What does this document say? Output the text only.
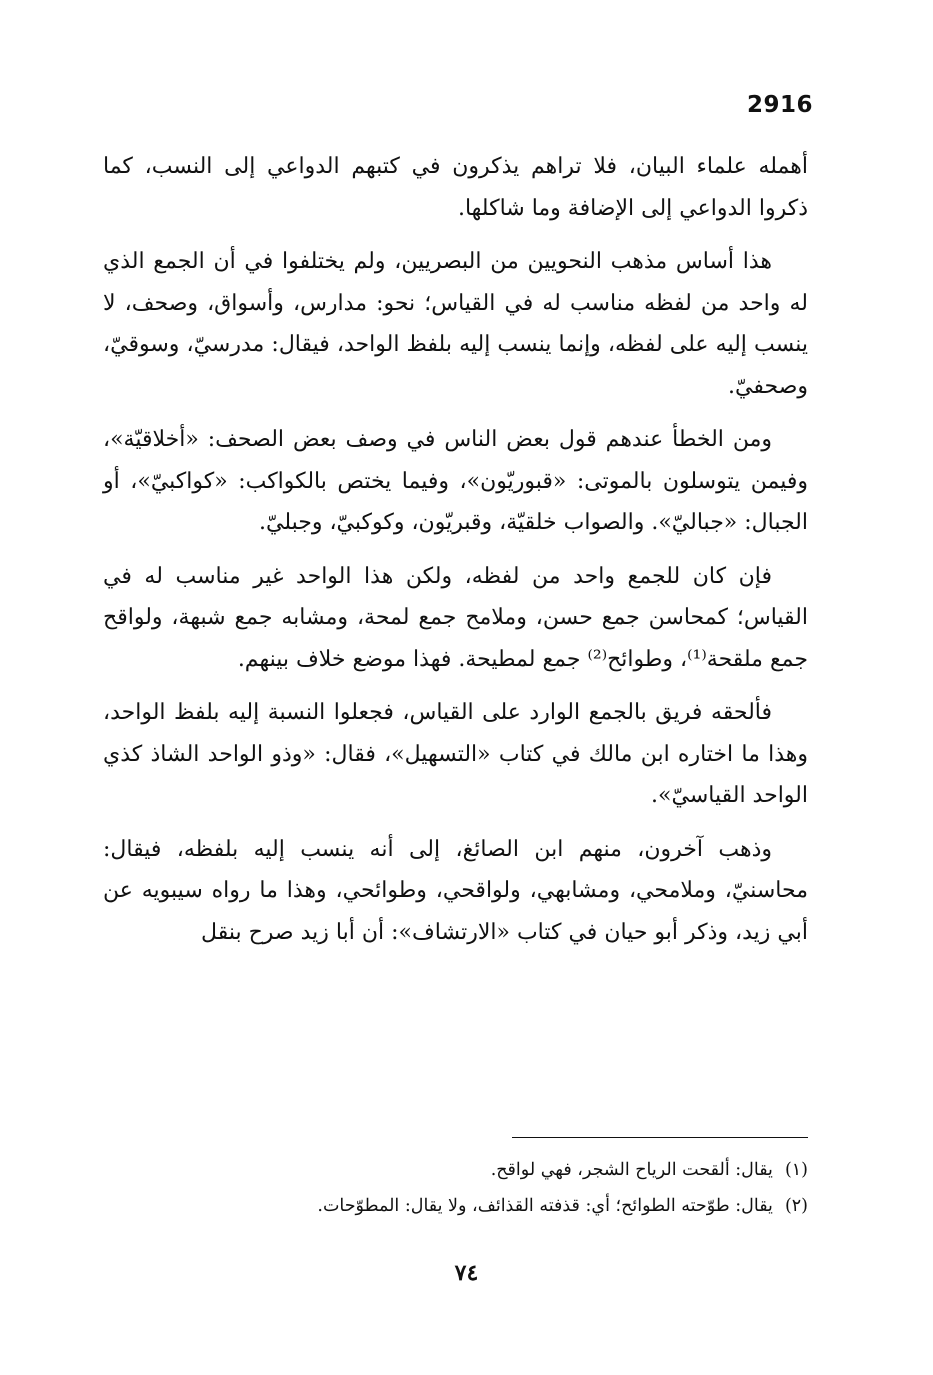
2916

أهمله علماء البيان، فلا تراهم يذكرون في كتبهم الدواعي إلى النسب، كما ذكروا الدواعي إلى الإضافة وما شاكلها.

هذا أساس مذهب النحويين من البصريين، ولم يختلفوا في أن الجمع الذي له واحد من لفظه مناسب له في القياس؛ نحو: مدارس، وأسواق، وصحف، لا ينسب إليه على لفظه، وإنما ينسب إليه بلفظ الواحد، فيقال: مدرسيّ، وسوقيّ، وصحفيّ.

ومن الخطأ عندهم قول بعض الناس في وصف بعض الصحف: «أخلاقيّة»، وفيمن يتوسلون بالموتى: «قبوريّون»، وفيما يختص بالكواكب: «كواكبيّ»، أو الجبال: «جباليّ». والصواب خلقيّة، وقبريّون، وكوكبيّ، وجبليّ.

فإن كان للجمع واحد من لفظه، ولكن هذا الواحد غير مناسب له في القياس؛ كمحاسن جمع حسن، وملامح جمع لمحة، ومشابه جمع شبهة، ولواقح جمع ملقحة⁽¹⁾، وطوائح⁽²⁾ جمع لمطيحة. فهذا موضع خلاف بينهم.

فألحقه فريق بالجمع الوارد على القياس، فجعلوا النسبة إليه بلفظ الواحد، وهذا ما اختاره ابن مالك في كتاب «التسهيل»، فقال: «وذو الواحد الشاذ كذي الواحد القياسيّ».

وذهب آخرون، منهم ابن الصائغ، إلى أنه ينسب إليه بلفظه، فيقال: محاسنيّ، وملامحي، ومشابهي، ولواقحي، وطوائحي، وهذا ما رواه سيبويه عن أبي زيد، وذكر أبو حيان في كتاب «الارتشاف»: أن أبا زيد صرح بنقل

(١)يقال: ألقحت الرياح الشجر، فهي لواقح.

(٢)يقال: طوّحته الطوائح؛ أي: قذفته القذائف، ولا يقال: المطوّحات.

٧٤
